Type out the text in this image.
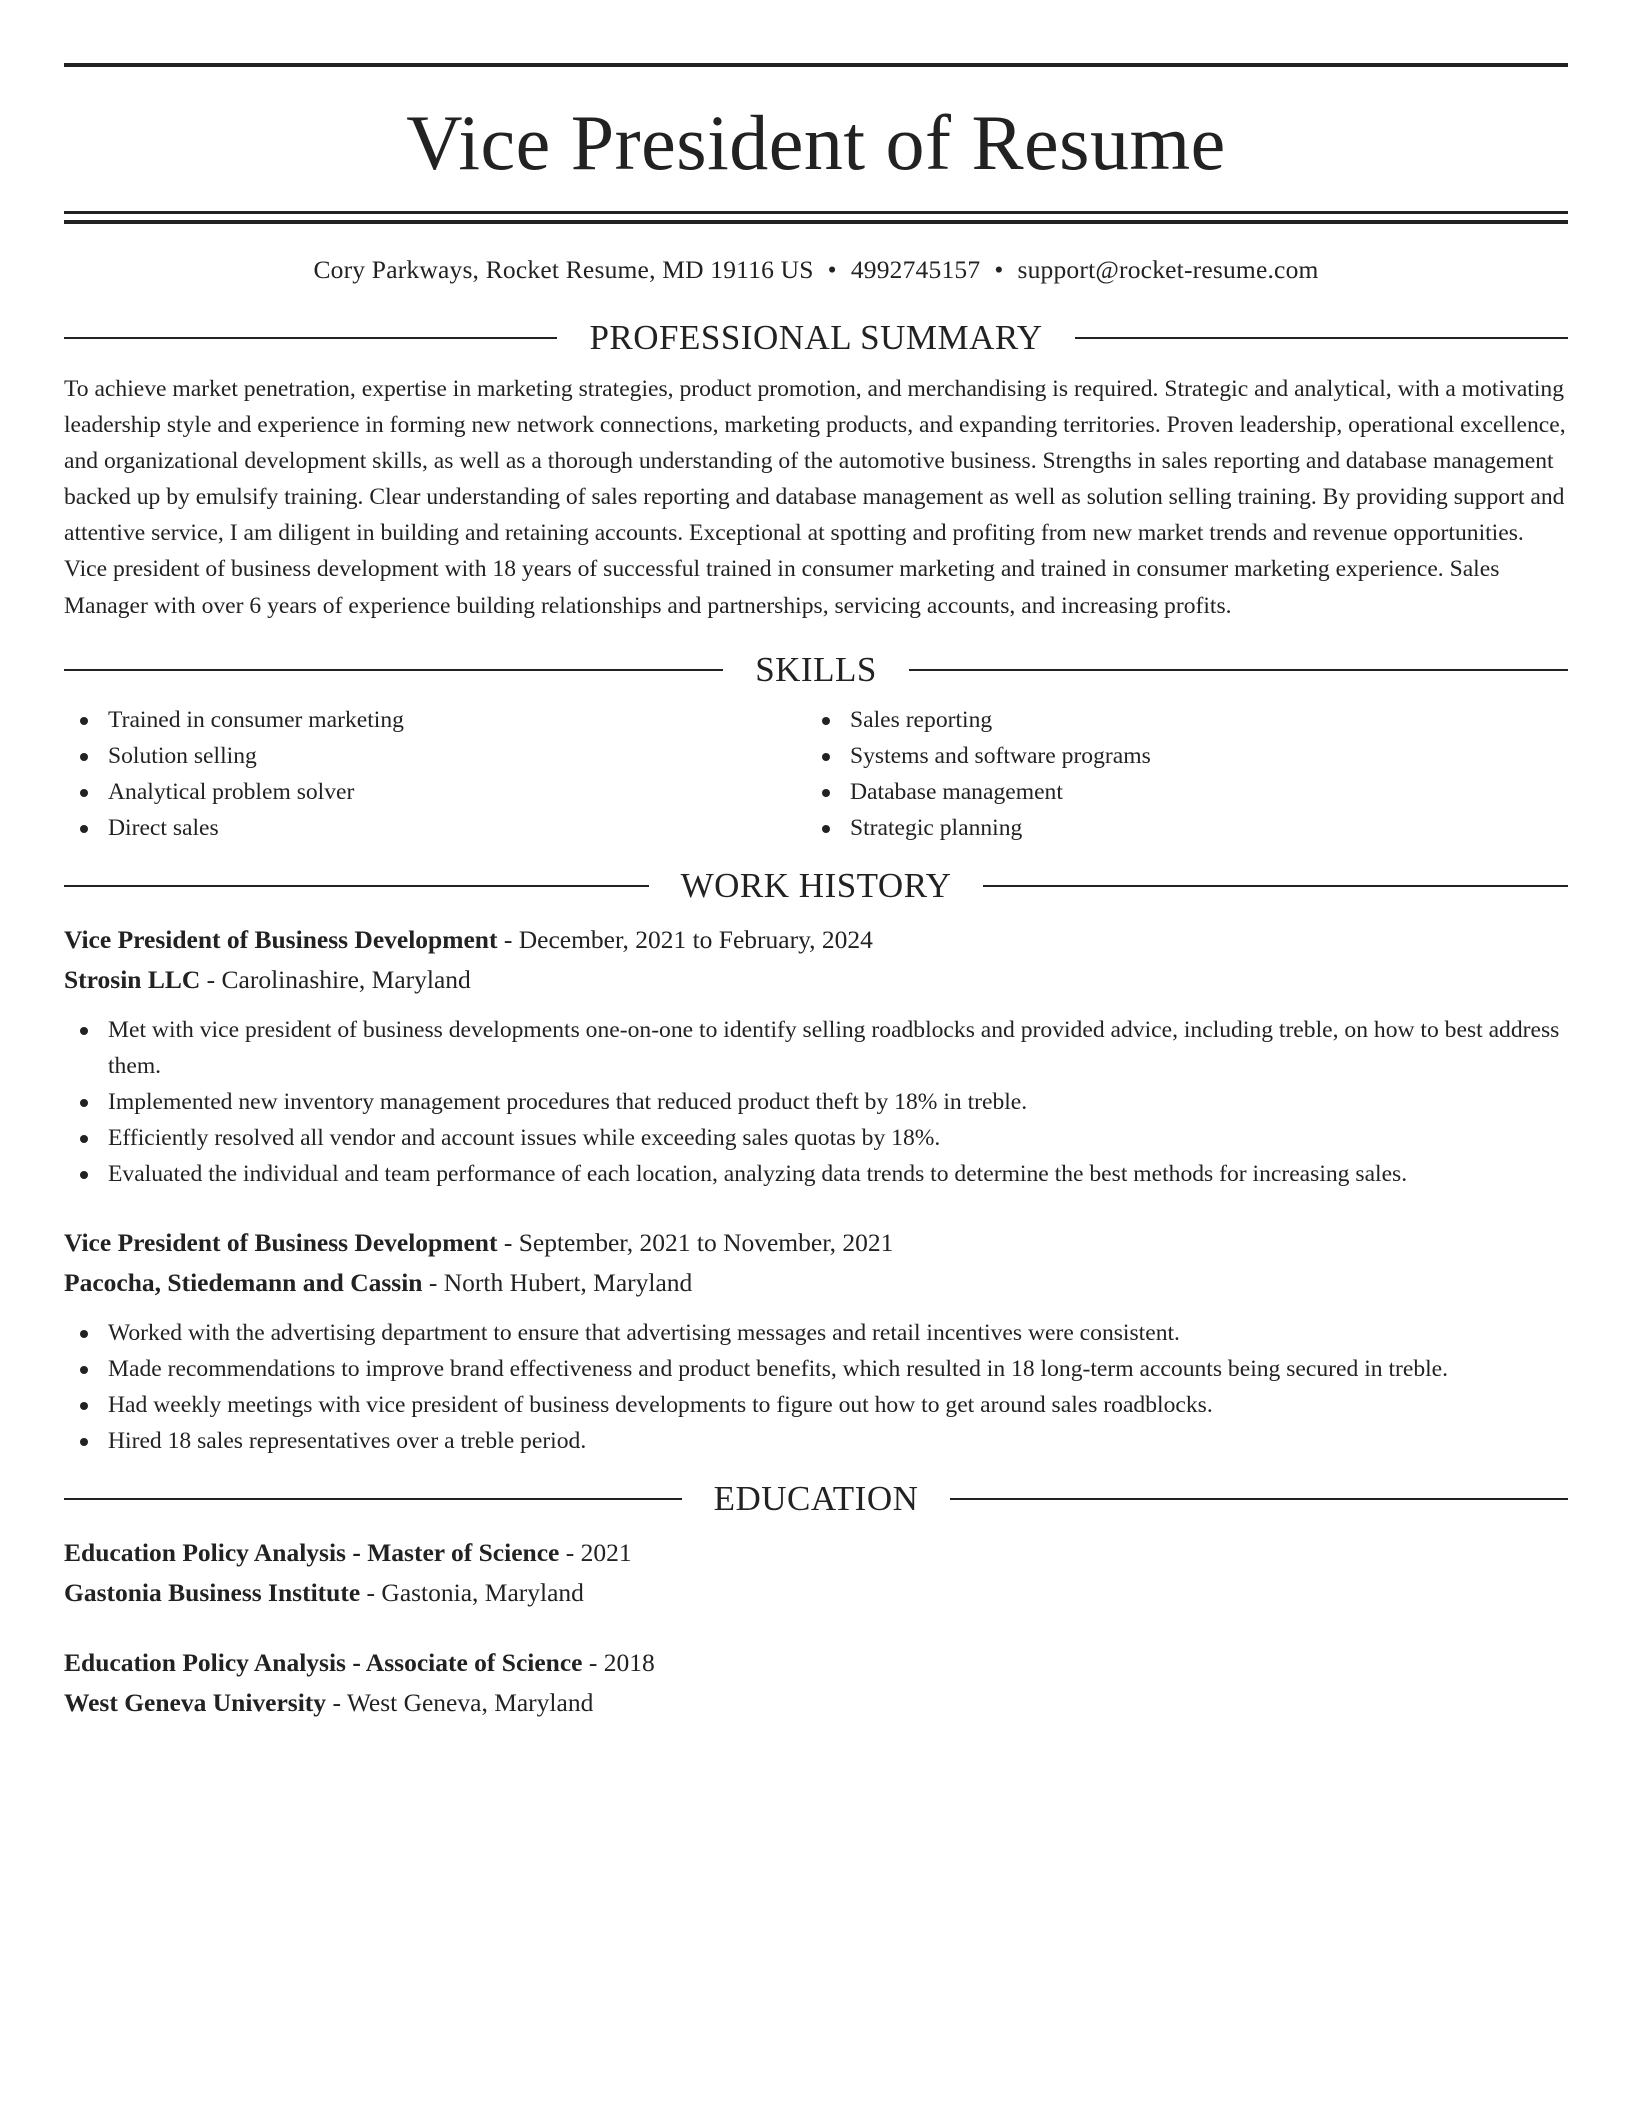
Vice President of Resume
Cory Parkways, Rocket Resume, MD 19116 US • 4992745157 • support@rocket-resume.com
PROFESSIONAL SUMMARY
To achieve market penetration, expertise in marketing strategies, product promotion, and merchandising is required. Strategic and analytical, with a motivating leadership style and experience in forming new network connections, marketing products, and expanding territories. Proven leadership, operational excellence, and organizational development skills, as well as a thorough understanding of the automotive business. Strengths in sales reporting and database management backed up by emulsify training. Clear understanding of sales reporting and database management as well as solution selling training. By providing support and attentive service, I am diligent in building and retaining accounts. Exceptional at spotting and profiting from new market trends and revenue opportunities. Vice president of business development with 18 years of successful trained in consumer marketing and trained in consumer marketing experience. Sales Manager with over 6 years of experience building relationships and partnerships, servicing accounts, and increasing profits.
SKILLS
Trained in consumer marketing
Solution selling
Analytical problem solver
Direct sales
Sales reporting
Systems and software programs
Database management
Strategic planning
WORK HISTORY
Vice President of Business Development - December, 2021 to February, 2024
Strosin LLC - Carolinashire, Maryland
Met with vice president of business developments one-on-one to identify selling roadblocks and provided advice, including treble, on how to best address them.
Implemented new inventory management procedures that reduced product theft by 18% in treble.
Efficiently resolved all vendor and account issues while exceeding sales quotas by 18%.
Evaluated the individual and team performance of each location, analyzing data trends to determine the best methods for increasing sales.
Vice President of Business Development - September, 2021 to November, 2021
Pacocha, Stiedemann and Cassin - North Hubert, Maryland
Worked with the advertising department to ensure that advertising messages and retail incentives were consistent.
Made recommendations to improve brand effectiveness and product benefits, which resulted in 18 long-term accounts being secured in treble.
Had weekly meetings with vice president of business developments to figure out how to get around sales roadblocks.
Hired 18 sales representatives over a treble period.
EDUCATION
Education Policy Analysis - Master of Science - 2021
Gastonia Business Institute - Gastonia, Maryland
Education Policy Analysis - Associate of Science - 2018
West Geneva University - West Geneva, Maryland
